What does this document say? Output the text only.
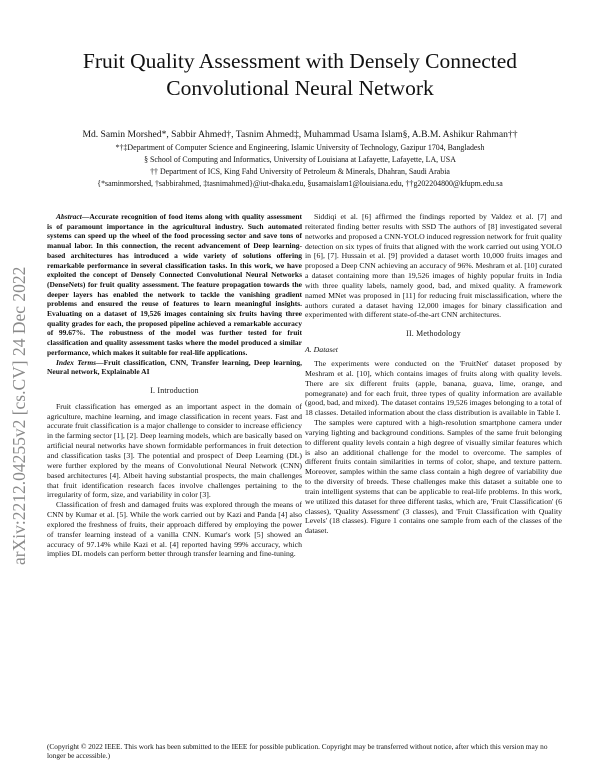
Fruit Quality Assessment with Densely Connected Convolutional Neural Network
Md. Samin Morshed*, Sabbir Ahmed†, Tasnim Ahmed‡, Muhammad Usama Islam§, A.B.M. Ashikur Rahman††
*†‡Department of Computer Science and Engineering, Islamic University of Technology, Gazipur 1704, Bangladesh
§ School of Computing and Informatics, University of Louisiana at Lafayette, Lafayette, LA, USA
†† Department of ICS, King Fahd University of Petroleum & Minerals, Dhahran, Saudi Arabia
{*saminmorshed, †sabbirahmed, ‡tasnimahmed}@iut-dhaka.edu, §usamaislam1@louisiana.edu, ††g202204800@kfupm.edu.sa
arXiv:2212.04255v2 [cs.CV] 24 Dec 2022

Abstract—Accurate recognition of food items along with quality assessment is of paramount importance in the agricultural industry. Such automated systems can speed up the wheel of the food processing sector and save tons of manual labor. In this connection, the recent advancement of Deep learning-based architectures has introduced a wide variety of solutions offering remarkable performance in several classification tasks. In this work, we have exploited the concept of Densely Connected Convolutional Neural Networks (DenseNets) for fruit quality assessment. The feature propagation towards the deeper layers has enabled the network to tackle the vanishing gradient problems and ensured the reuse of features to learn meaningful insights. Evaluating on a dataset of 19,526 images containing six fruits having three quality grades for each, the proposed pipeline achieved a remarkable accuracy of 99.67%. The robustness of the model was further tested for fruit classification and quality assessment tasks where the model produced a similar performance, which makes it suitable for real-life applications.

Index Terms—Fruit classification, CNN, Transfer learning, Deep learning, Neural network, Explainable AI

I. Introduction

Fruit classification has emerged as an important aspect in the domain of agriculture, machine learning, and image classification in recent years. Fast and accurate fruit classification is a major challenge to consider to increase efficiency in the farming sector [1], [2]. Deep learning models, which are basically based on artificial neural networks have shown formidable performances in fruit detection and classification tasks [3]. The potential and prospect of Deep Learning (DL) were further explored by the means of Convolutional Neural Network (CNN) based architectures [4]. Albeit having substantial prospects, the main challenges that fruit identification research faces involve challenges pertaining to the irregularity of form, size, and variability in color [3].

Classification of fresh and damaged fruits was explored through the means of CNN by Kumar et al. [5]. While the work carried out by Kazi and Panda [4] also explored the freshness of fruits, their approach differed by employing the power of transfer learning instead of a vanilla CNN. Kumar's work [5] showed an accuracy of 97.14% while Kazi et al. [4] reported having 99% accuracy, which implies DL models can perform better through transfer learning and fine-tuning.

Siddiqi et al. [6] affirmed the findings reported by Valdez et al. [7] and reiterated finding better results with SSD The authors of [8] investigated several networks and proposed a CNN-YOLO induced regression network for fruit quality detection on six types of fruits that aligned with the work carried out using YOLO in [6], [7]. Hussain et al. [9] provided a dataset worth 10,000 fruits images and proposed a Deep CNN achieving an accuracy of 96%. Meshram et al. [10] curated a dataset containing more than 19,526 images of highly popular fruits in India with three quality labels, namely good, bad, and mixed quality. A framework named MNet was proposed in [11] for reducing fruit misclassification, where the authors curated a dataset having 12,000 images for binary classification and experimented with different state-of-the-art CNN architectures.

II. Methodology
A. Dataset

The experiments were conducted on the 'FruitNet' dataset proposed by Meshram et al. [10], which contains images of fruits along with quality levels. There are six different fruits (apple, banana, guava, lime, orange, and pomegranate) and for each fruit, three types of quality information are available (good, bad, and mixed). The dataset contains 19,526 images belonging to a total of 18 classes. Detailed information about the class distribution is available in Table I.

The samples were captured with a high-resolution smartphone camera under varying lighting and background conditions. Samples of the same fruit belonging to different quality levels contain a high degree of visually similar features which is also an additional challenge for the model to overcome. The samples of different fruits contain similarities in terms of color, shape, and texture pattern. Moreover, samples within the same class contain a high degree of variability due to the diversity of breeds. These challenges make this dataset a suitable one to train intelligent systems that can be applicable to real-life problems. In this work, we utilized this dataset for three different tasks, which are, 'Fruit Classification' (6 classes), 'Quality Assessment' (3 classes), and 'Fruit Classification with Quality Levels' (18 classes). Figure 1 contains one sample from each of the classes of the dataset.

(Copyright © 2022 IEEE. This work has been submitted to the IEEE for possible publication. Copyright may be transferred without notice, after which this version may no longer be accessible.)
